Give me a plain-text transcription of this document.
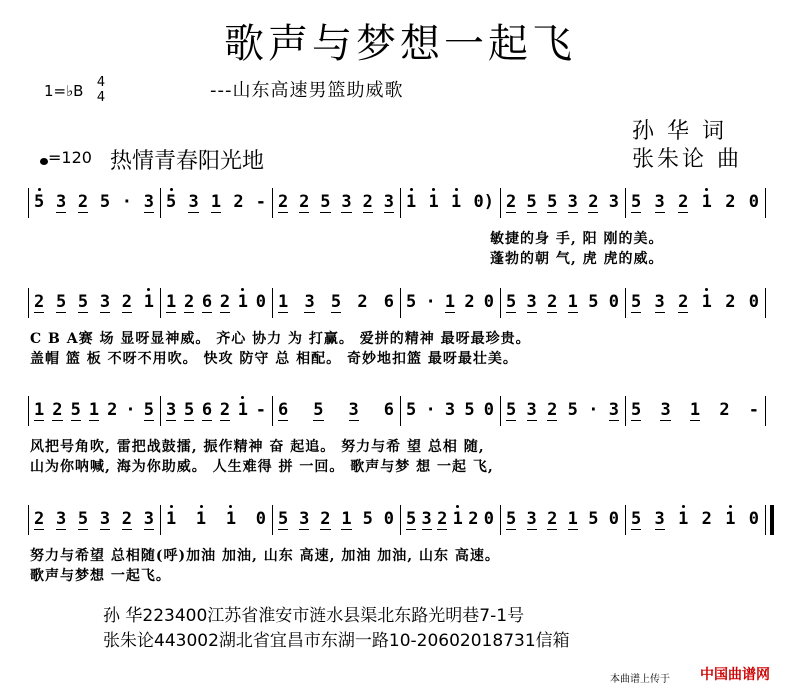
歌声与梦想一起飞
---山东高速男篮助威歌
1=♭B 4
4
=120 热情青春阳光地
孙 华 词
张朱论 曲
5 3 2 5 · 3 5 3 1 2 - 2 2 5 3 2 3 1 1 1 0) 2 5 5 3 2 3 5 3 2 1 2 0
敏捷的身 手, 阳 刚的美。
蓬勃的朝 气, 虎 虎的威。
2 5 5 3 2 1 1 2 6 2 1 0 1 3 5 2 6 5 · 1 2 0 5 3 2 1 5 0 5 3 2 1 2 0
C B A赛 场 显呀显神威。 齐心 协力 为 打赢。 爱拼的精神 最呀最珍贵。
盖帽 篮 板 不呀不用吹。 快攻 防守 总 相配。 奇妙地扣篮 最呀最壮美。
1 2 5 1 2 · 5 3 5 6 2 1 - 6 5 3 6 5 · 3 5 0 5 3 2 5 · 3 5 3 1 2 -
风把号角吹, 雷把战鼓擂, 振作精神 奋 起追。 努力与希 望 总相 随,
山为你呐喊, 海为你助威。 人生难得 拼 一回。 歌声与梦 想 一起 飞,
2 3 5 3 2 3 1 1 1 0 5 3 2 1 5 0 5 3 2 1 2 0 5 3 2 1 5 0 5 3 1 2 1 0
努力与希望 总相随(呼)加油 加油, 山东 高速, 加油 加油, 山东 高速。
歌声与梦想 一起飞。
孙 华223400江苏省淮安市涟水县渠北东路光明巷7-1号
张朱论443002湖北省宜昌市东湖一路10-20602018731信箱
本曲谱上传于 中国曲谱网
